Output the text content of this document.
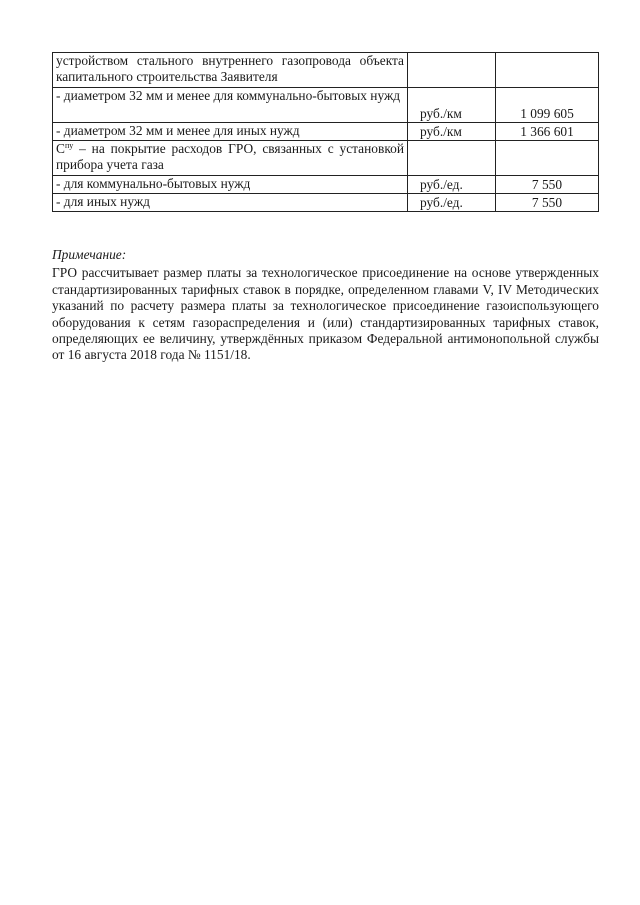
устройством стального внутреннего газопровода объекта капитального строительства Заявителя		
- диаметром 32 мм и менее для коммунально-бытовых нужд	руб./км	1 099 605
- диаметром 32 мм и менее для иных нужд	руб./км	1 366 601
$С^{пу}$ – на покрытие расходов ГРО, связанных с установкой прибора учета газа		
- для коммунально-бытовых нужд	руб./ед.	7 550
- для иных нужд	руб./ед.	7 550

Примечание:

ГРО рассчитывает размер платы за технологическое присоединение на основе утвержденных стандартизированных тарифных ставок в порядке, определенном главами V, IV Методических указаний по расчету размера платы за технологическое присоединение газоиспользующего оборудования к сетям газораспределения и (или) стандартизированных тарифных ставок, определяющих ее величину, утверждённых приказом Федеральной антимонопольной службы от 16 августа 2018 года № 1151/18.
